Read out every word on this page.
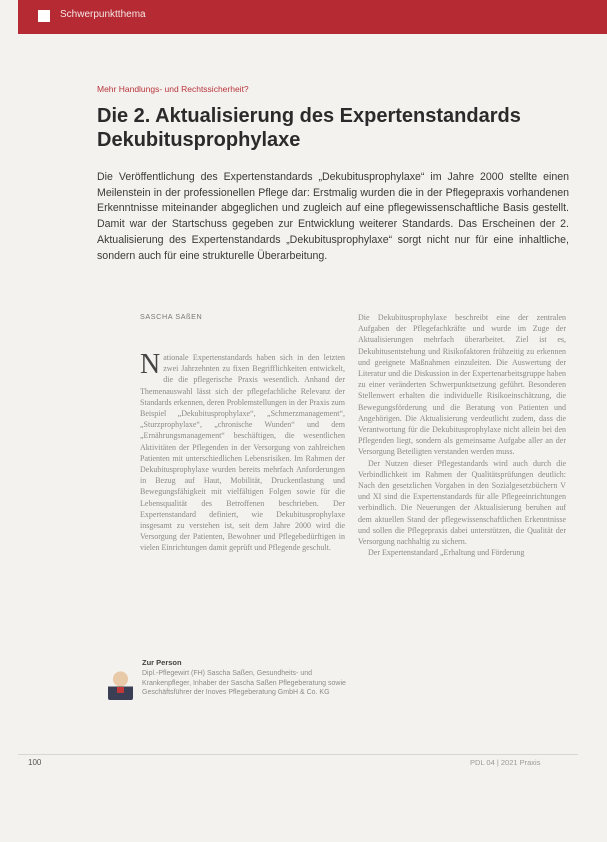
Schwerpunktthema
Mehr Handlungs- und Rechtssicherheit?
Die 2. Aktualisierung des Expertenstandards Dekubitusprophylaxe
Die Veröffentlichung des Expertenstandards „Dekubitusprophylaxe“ im Jahre 2000 stellte einen Meilenstein in der professionellen Pflege dar: Erstmalig wurden die in der Pflegepraxis vorhandenen Erkenntnisse miteinander abgeglichen und zugleich auf eine pflegewissenschaftliche Basis gestellt. Damit war der Startschuss gegeben zur Entwicklung weiterer Standards. Das Erscheinen der 2. Aktualisierung des Expertenstandards „Dekubitusprophylaxe“ sorgt nicht nur für eine inhaltliche, sondern auch für eine strukturelle Überarbeitung.
SASCHA SAßEN
Nationale Expertenstandards haben sich in den letzten zwei Jahrzehnten zu fixen Begrifflichkeiten entwickelt, die die pflegerische Praxis wesentlich. Anhand der Themenauswahl lässt sich der pflegefachliche Relevanz der Standards erkennen, deren Problemstellungen in der Praxis zum Beispiel „Dekubitusprophylaxe“, „Schmerzmanagement“, „Sturzprophylaxe“, „chronische Wunden“ und dem „Ernährungsmanagement“ beschäftigen, die wesentlichen Aktivitäten der Pflegenden in der Versorgung von zahlreichen Patienten mit unterschiedlichen Lebensrisiken. Im Rahmen der Dekubitusprophylaxe wurden bereits mehrfach Anforderungen in Bezug auf Haut, Mobilität, Druckentlastung und Bewegungsfähigkeit mit vielfältigen Folgen sowie für die Lebensqualität des Betroffenen beschrieben. Der Expertenstandard definiert, wie Dekubitusprophylaxe insgesamt zu verstehen ist, seit dem Jahre 2000 wird die Versorgung der Patienten, Bewohner und Pflegebedürftigen in vielen Einrichtungen damit geprüft und Pflegende geschult.

Die Dekubitusprophylaxe beschreibt eine der zentralen Aufgaben der Pflegefachkräfte und wurde im Zuge der Aktualisierungen mehrfach überarbeitet. Ziel ist es, Dekubitusentstehung und Risikofaktoren frühzeitig zu erkennen und geeignete Maßnahmen einzuleiten. Die Auswertung der Literatur und die Diskussion in der Expertenarbeitsgruppe haben zu einer veränderten Schwerpunktsetzung geführt. Besonderen Stellenwert erhalten die individuelle Risikoeinschätzung, die Bewegungsförderung und die Beratung von Patienten und Angehörigen. Die Aktualisierung verdeutlicht zudem, dass die Verantwortung für die Dekubitusprophylaxe nicht allein bei den Pflegenden liegt, sondern als gemeinsame Aufgabe aller an der Versorgung Beteiligten verstanden werden muss.

Der Nutzen dieser Pflegestandards wird auch durch die Verbindlichkeit im Rahmen der Qualitätsprüfungen deutlich: Nach den gesetzlichen Vorgaben in den Sozialgesetzbüchern V und XI sind die Expertenstandards für alle Pflegeeinrichtungen verbindlich. Die Neuerungen der Aktualisierung beruhen auf dem aktuellen Stand der pflegewissenschaftlichen Erkenntnisse und sollen die Pflegepraxis dabei unterstützen, die Qualität der Versorgung nachhaltig zu sichern.

Der Expertenstandard „Erhaltung und Förderung

Zur Person
Dipl.-Pflegewirt (FH) Sascha Saßen, Gesundheits- und Krankenpfleger, Inhaber der Sascha Saßen Pflegeberatung sowie Geschäftsführer der Inoves Pflegeberatung GmbH & Co. KG
100	PDL 04 | 2021 Praxis
